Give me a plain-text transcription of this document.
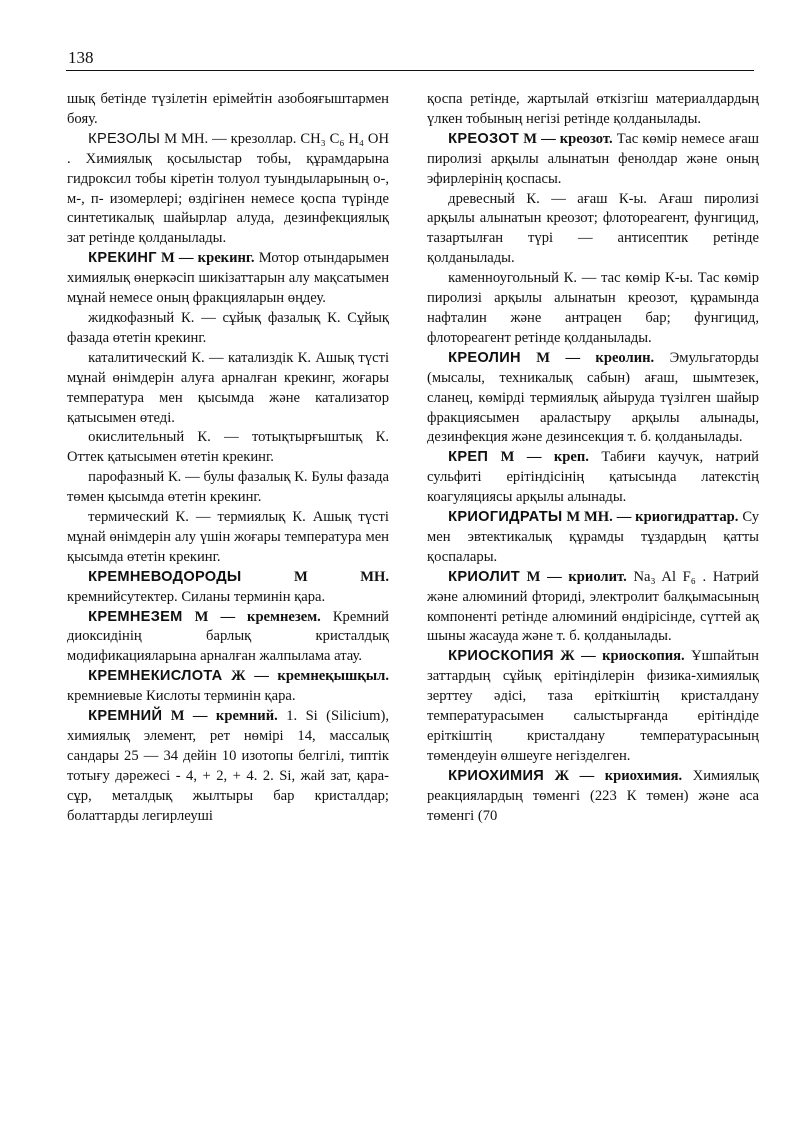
138

шық бетінде түзілетін ерімейтін азобояғыштармен бояу.

КРЕЗОЛЫ М МН. — крезоллар. CH₃ C₆ H₄ OH . Химиялық қосылыстар тобы, құрамдарына гидроксил тобы кіретін толуол туындыларының о-, м-, п- изомерлері; өздігінен немесе қоспа түрінде синтетикалық шайырлар алуда, дезинфекциялық зат ретінде қолданылады.

КРЕКИНГ М — крекинг. Мотор отындарымен химиялық өнеркәсіп шикізаттарын алу мақсатымен мұнай немесе оның фракцияларын өңдеу.

жидкофазный К. — сұйық фазалық К. Сұйық фазада өтетін крекинг.

каталитический К. — катализдік К. Ашық түсті мұнай өнімдерін алуға арналған крекинг, жоғары температура мен қысымда және катализатор қатысымен өтеді.

окислительный К. — тотықтырғыштық К. Оттек қатысымен өтетін крекинг.

парофазный К. — булы фазалық К. Булы фазада төмен қысымда өтетін крекинг.

термический К. — термиялық К. Ашық түсті мұнай өнімдерін алу үшін жоғары температура мен қысымда өтетін крекинг.

КРЕМНЕВОДОРОДЫ	М МН. кремнийсутектер. Силаны терминін қара.

КРЕМНЕЗЕМ М — кремнезем. Кремний диоксидінің барлық кристалдық модификацияларына арналған жалпылама атау.

КРЕМНЕКИСЛОТА Ж — кремнеқышқыл. кремниевые Кислоты терминін қара.

КРЕМНИЙ М — кремний. 1. Si (Silicium), химиялық элемент, рет нөмірі 14, массалық сандары 25 — 34 дейін 10 изотопы белгілі, типтік тотығу дәрежесі - 4, + 2, + 4. 2. Si, жай зат, қара-сұр, металдық жылтыры бар кристалдар; болаттарды легирлеуші

қоспа ретінде, жартылай өткізгіш материалдардың үлкен тобының негізі ретінде қолданылады.

КРЕОЗОТ М — креозот. Тас көмір немесе ағаш пиролизі арқылы алынатын фенолдар және оның эфирлерінің қоспасы.

древесный К. — ағаш К-ы. Ағаш пиролизі арқылы алынатын креозот; флотореагент, фунгицид, тазартылған түрі — антисептик ретінде қолданылады.

каменноугольный К. — тас көмір К-ы. Тас көмір пиролизі арқылы алынатын креозот, құрамында нафталин және антрацен бар; фунгицид, флотореагент ретінде қолданылады.

КРЕОЛИН М — креолин. Эмульгаторды (мысалы, техникалық сабын) ағаш, шымтезек, сланец, көмірді термиялық айыруда түзілген шайыр фракциясымен араластыру арқылы алынады, дезинфекция және дезинсекция т. б. қолданылады.

КРЕП М — креп. Табиғи каучук, натрий сульфиті ерітіндісінің қатысында латекстің коагуляциясы арқылы алынады.

КРИОГИДРАТЫ М МН. — криогидраттар. Су мен эвтектикалық құрамды тұздардың қатты қоспалары.

КРИОЛИТ М — криолит. Na₃ Al F₆ . Натрий және алюминий фториді, электролит балқымасының компоненті ретінде алюминий өндірісінде, сүттей ақ шыны жасауда және т. б. қолданылады.

КРИОСКОПИЯ Ж — криоскопия. Ұшпайтын заттардың сұйық ерітінділерін физика-химиялық зерттеу әдісі, таза еріткіштің кристалдану температурасымен салыстырғанда ерітіндіде еріткіштің кристалдану температурасының төмендеуін өлшеуге негізделген.

КРИОХИМИЯ Ж — криохимия. Химиялық реакциялардың төменгі (223 К төмен) және аса төменгі (70
